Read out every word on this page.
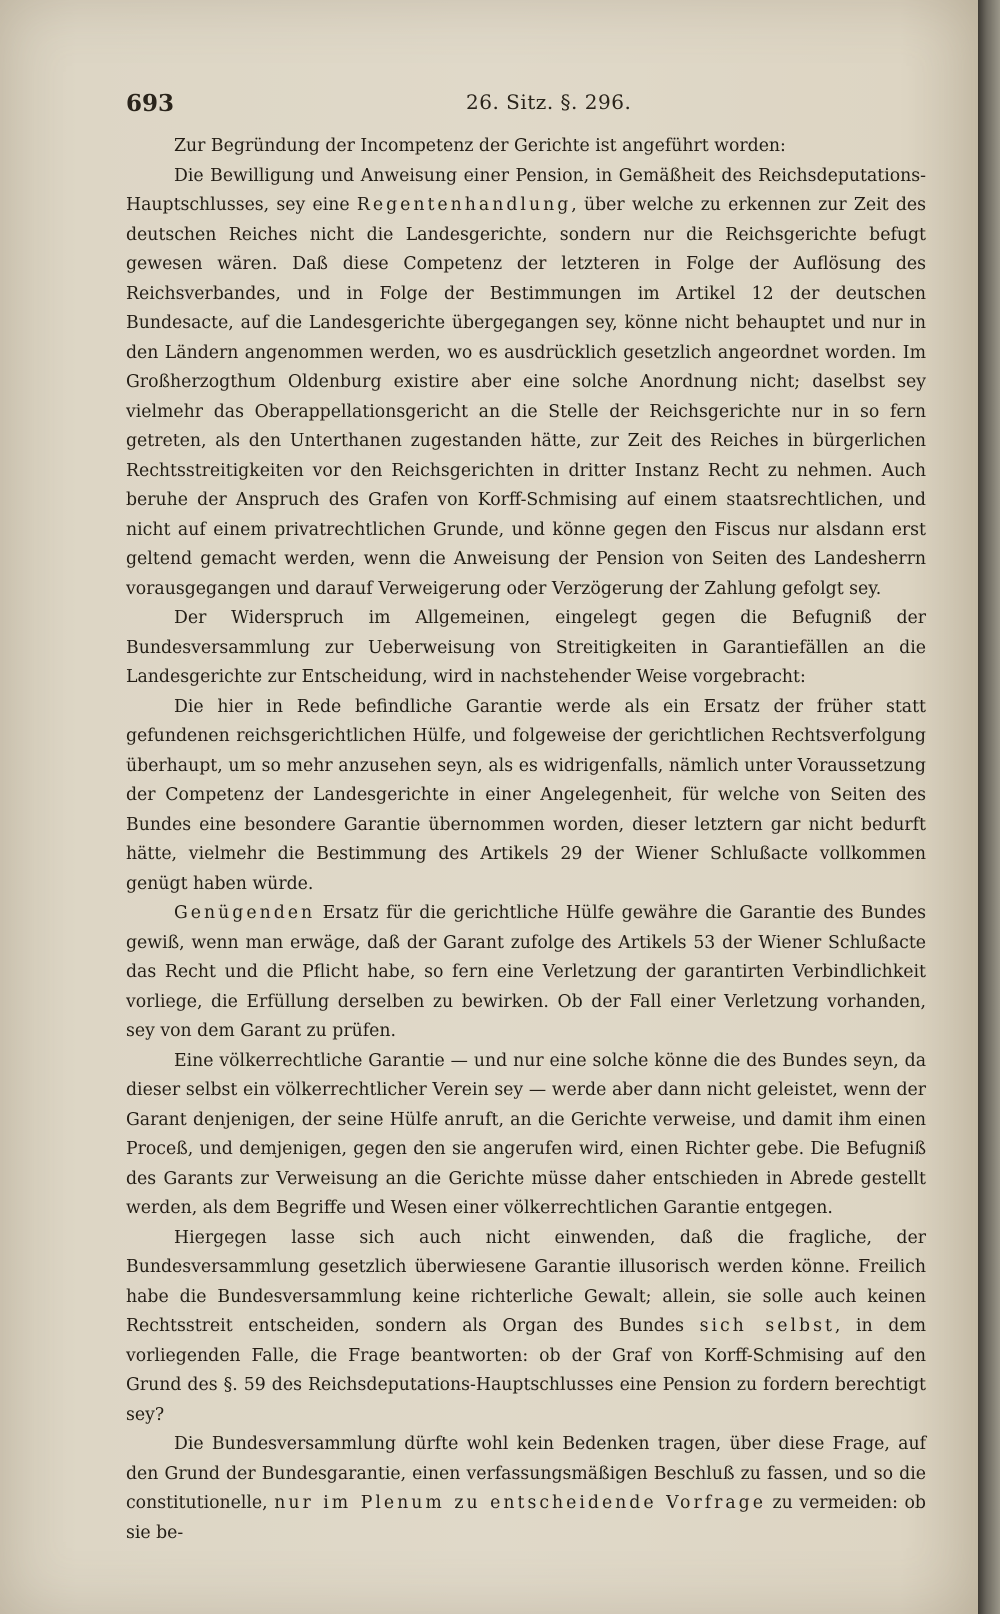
693	26. Sitz. §. 296.

Zur Begründung der Incompetenz der Gerichte ist angeführt worden:

Die Bewilligung und Anweisung einer Pension, in Gemäßheit des Reichsdeputations-Hauptschlusses, sey eine Regentenhandlung, über welche zu erkennen zur Zeit des deutschen Reiches nicht die Landesgerichte, sondern nur die Reichsgerichte befugt gewesen wären. Daß diese Competenz der letzteren in Folge der Auflösung des Reichsverbandes, und in Folge der Bestimmungen im Artikel 12 der deutschen Bundesacte, auf die Landesgerichte übergegangen sey, könne nicht behauptet und nur in den Ländern angenommen werden, wo es ausdrücklich gesetzlich angeordnet worden. Im Großherzogthum Oldenburg existire aber eine solche Anordnung nicht; daselbst sey vielmehr das Oberappellationsgericht an die Stelle der Reichsgerichte nur in so fern getreten, als den Unterthanen zugestanden hätte, zur Zeit des Reiches in bürgerlichen Rechtsstreitigkeiten vor den Reichsgerichten in dritter Instanz Recht zu nehmen. Auch beruhe der Anspruch des Grafen von Korff-Schmising auf einem staatsrechtlichen, und nicht auf einem privatrechtlichen Grunde, und könne gegen den Fiscus nur alsdann erst geltend gemacht werden, wenn die Anweisung der Pension von Seiten des Landesherrn vorausgegangen und darauf Verweigerung oder Verzögerung der Zahlung gefolgt sey.

Der Widerspruch im Allgemeinen, eingelegt gegen die Befugniß der Bundesversammlung zur Ueberweisung von Streitigkeiten in Garantiefällen an die Landesgerichte zur Entscheidung, wird in nachstehender Weise vorgebracht:

Die hier in Rede befindliche Garantie werde als ein Ersatz der früher statt gefundenen reichsgerichtlichen Hülfe, und folgeweise der gerichtlichen Rechtsverfolgung überhaupt, um so mehr anzusehen seyn, als es widrigenfalls, nämlich unter Voraussetzung der Competenz der Landesgerichte in einer Angelegenheit, für welche von Seiten des Bundes eine besondere Garantie übernommen worden, dieser letztern gar nicht bedurft hätte, vielmehr die Bestimmung des Artikels 29 der Wiener Schlußacte vollkommen genügt haben würde.

Genügenden Ersatz für die gerichtliche Hülfe gewähre die Garantie des Bundes gewiß, wenn man erwäge, daß der Garant zufolge des Artikels 53 der Wiener Schlußacte das Recht und die Pflicht habe, so fern eine Verletzung der garantirten Verbindlichkeit vorliege, die Erfüllung derselben zu bewirken. Ob der Fall einer Verletzung vorhanden, sey von dem Garant zu prüfen.

Eine völkerrechtliche Garantie — und nur eine solche könne die des Bundes seyn, da dieser selbst ein völkerrechtlicher Verein sey — werde aber dann nicht geleistet, wenn der Garant denjenigen, der seine Hülfe anruft, an die Gerichte verweise, und damit ihm einen Proceß, und demjenigen, gegen den sie angerufen wird, einen Richter gebe. Die Befugniß des Garants zur Verweisung an die Gerichte müsse daher entschieden in Abrede gestellt werden, als dem Begriffe und Wesen einer völkerrechtlichen Garantie entgegen.

Hiergegen lasse sich auch nicht einwenden, daß die fragliche, der Bundesversammlung gesetzlich überwiesene Garantie illusorisch werden könne. Freilich habe die Bundesversammlung keine richterliche Gewalt; allein, sie solle auch keinen Rechtsstreit entscheiden, sondern als Organ des Bundes sich selbst, in dem vorliegenden Falle, die Frage beantworten: ob der Graf von Korff-Schmising auf den Grund des §. 59 des Reichsdeputations-Hauptschlusses eine Pension zu fordern berechtigt sey?

Die Bundesversammlung dürfte wohl kein Bedenken tragen, über diese Frage, auf den Grund der Bundesgarantie, einen verfassungsmäßigen Beschluß zu fassen, und so die constitutionelle, nur im Plenum zu entscheidende Vorfrage zu vermeiden: ob sie be-
